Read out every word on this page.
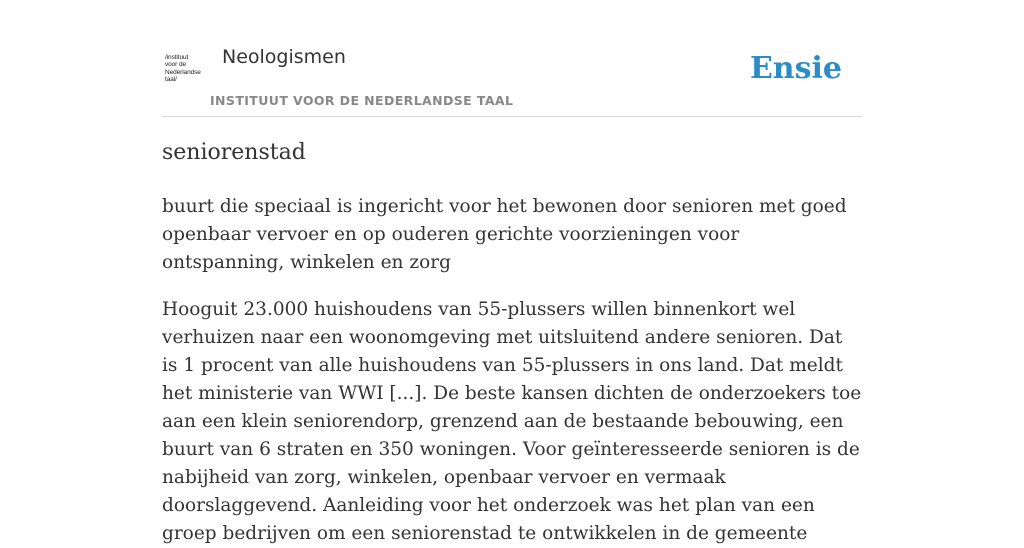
/instituut
voor de
Nederlandse
taal/
Neologismen
INSTITUUT VOOR DE NEDERLANDSE TAAL
Ensie
seniorenstad

buurt die speciaal is ingericht voor het bewonen door senioren met goed openbaar vervoer en op ouderen gerichte voorzieningen voor ontspanning, winkelen en zorg

Hooguit 23.000 huishoudens van 55-plussers willen binnenkort wel verhuizen naar een woonomgeving met uitsluitend andere senioren. Dat is 1 procent van alle huishoudens van 55-plussers in ons land. Dat meldt het ministerie van WWI [...]. De beste kansen dichten de onderzoekers toe aan een klein seniorendorp, grenzend aan de bestaande bebouwing, een buurt van 6 straten en 350 woningen. Voor geïnteresseerde senioren is de nabijheid van zorg, winkelen, openbaar vervoer en vermaak doorslaggevend. Aanleiding voor het onderzoek was het plan van een groep bedrijven om een seniorenstad te ontwikkelen in de gemeente
